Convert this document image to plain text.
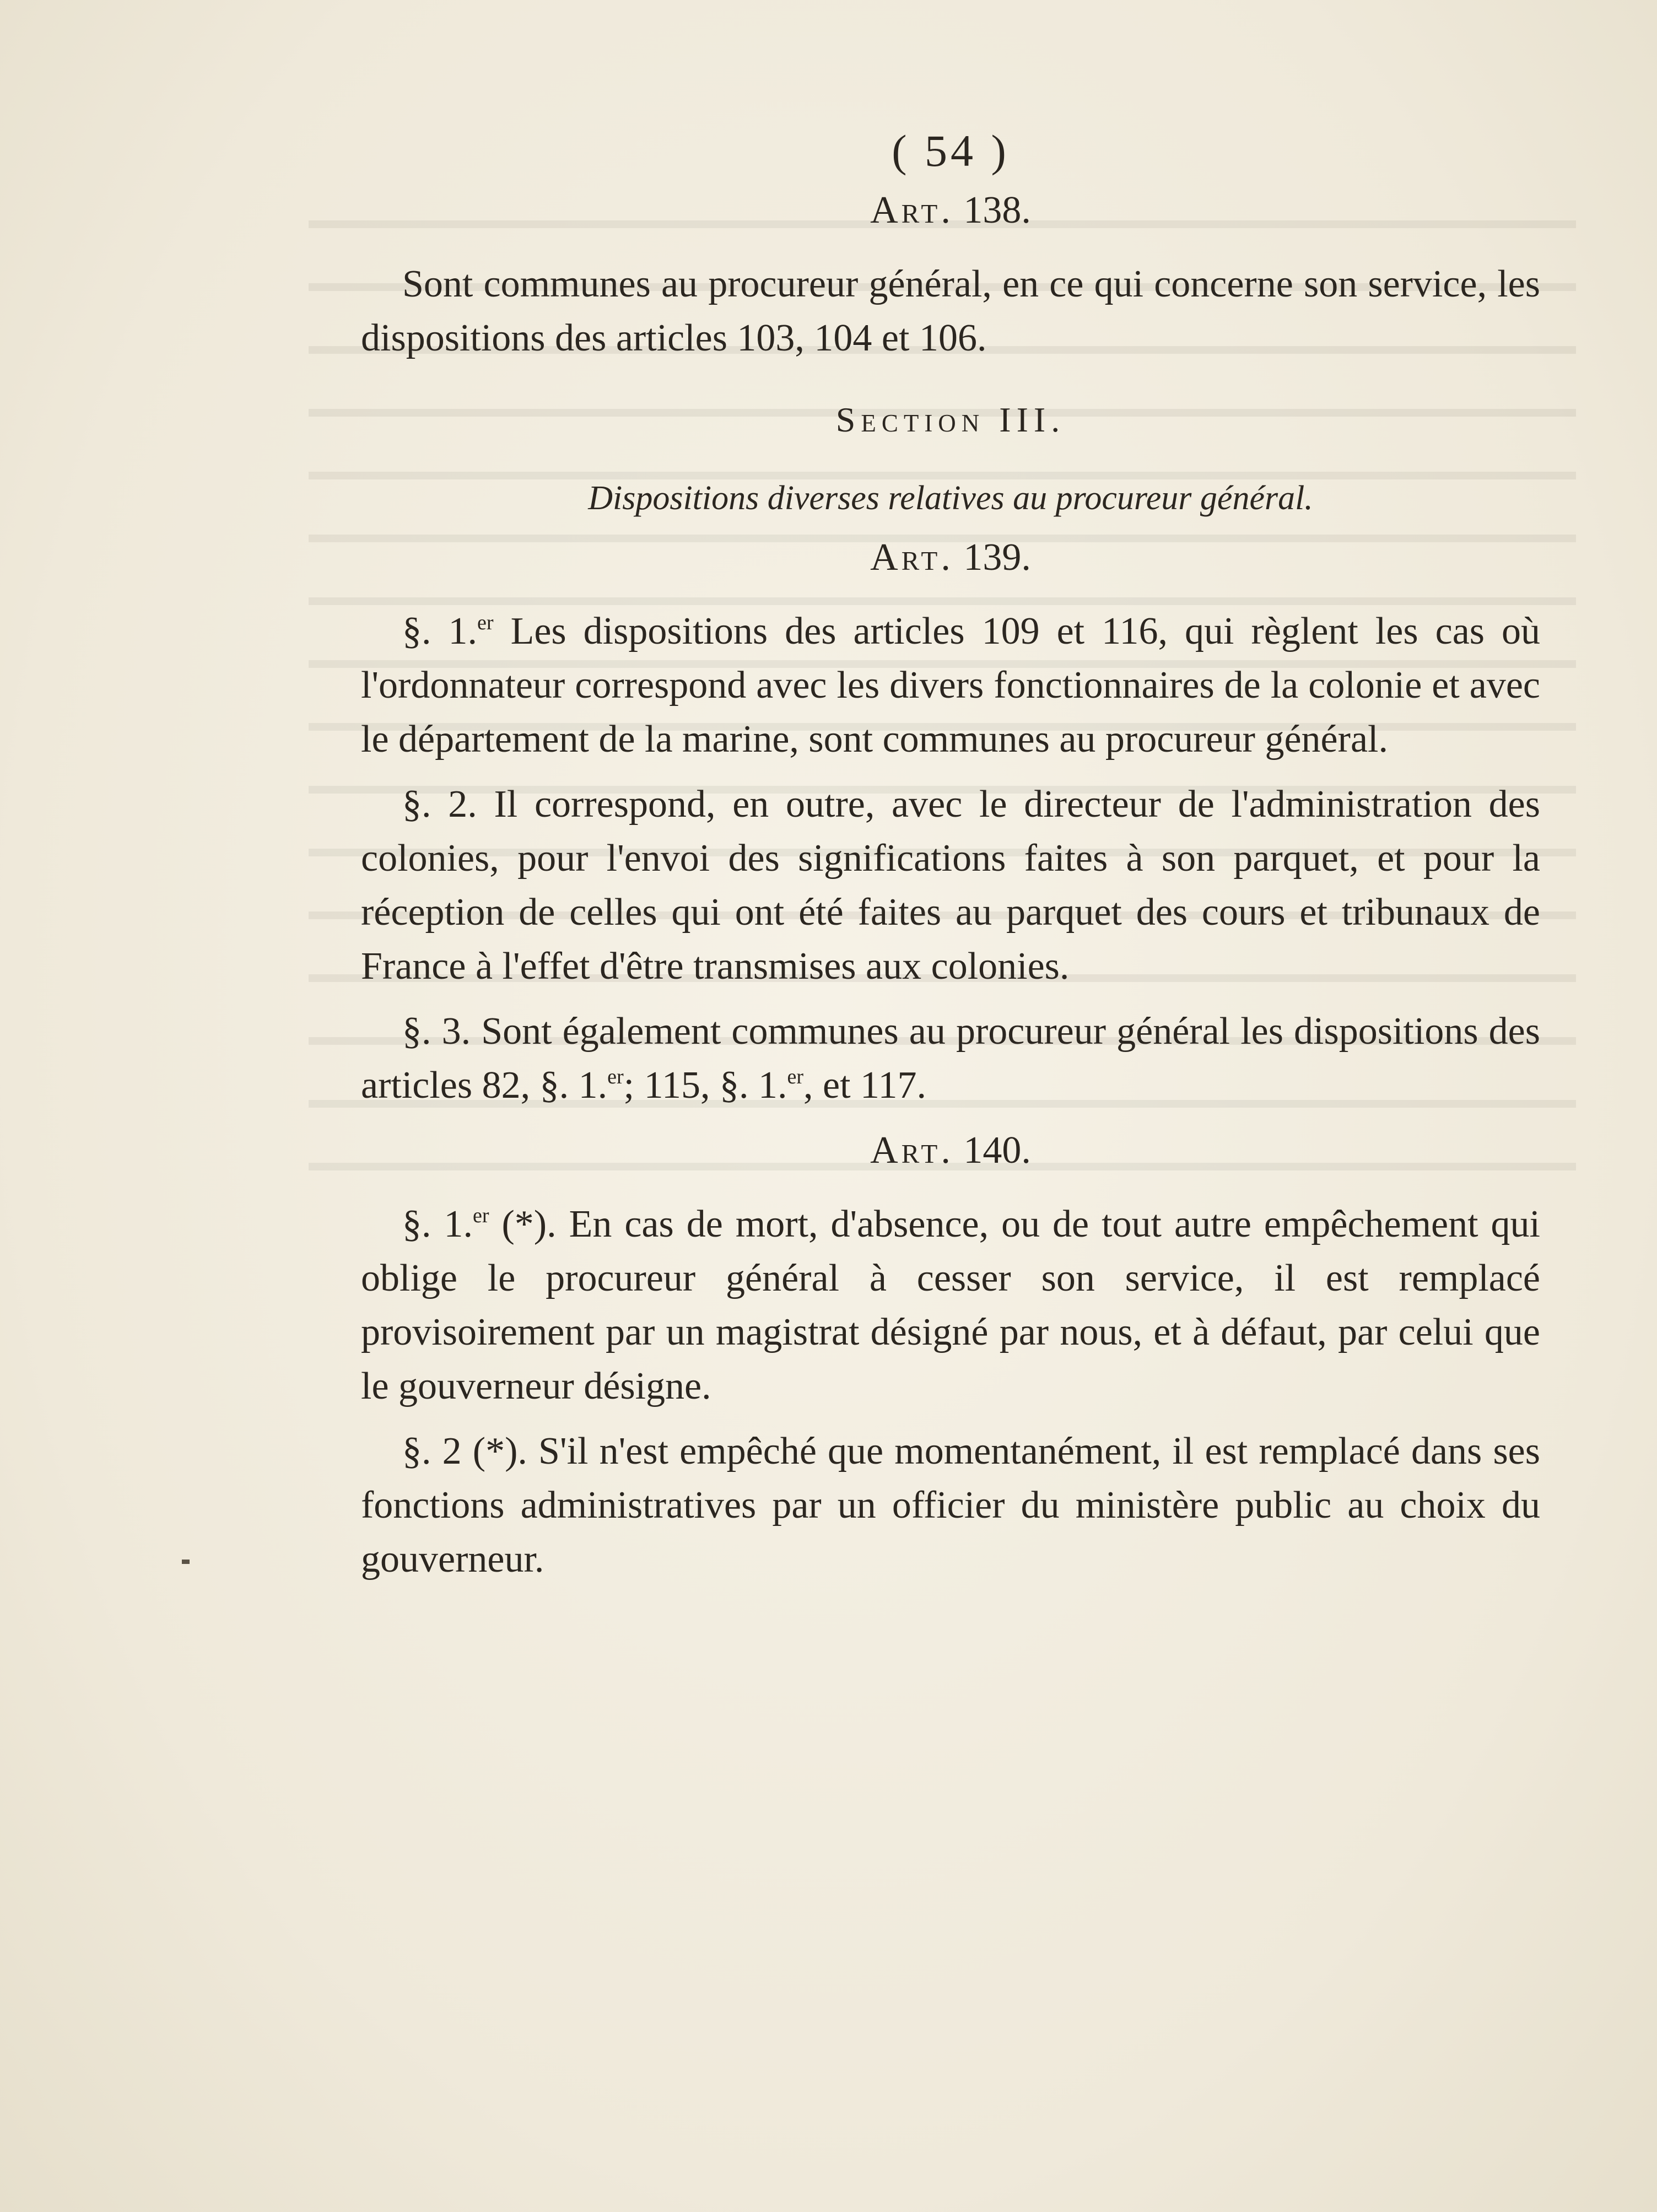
( 54 )
Art. 138.

Sont communes au procureur général, en ce qui concerne son service, les dispositions des articles 103, 104 et 106.

Section III.
Dispositions diverses relatives au procureur général.
Art. 139.

§. 1.$^{er}$ Les dispositions des articles 109 et 116, qui règlent les cas où l'ordonnateur correspond avec les divers fonctionnaires de la colonie et avec le département de la marine, sont communes au procureur général.

§. 2. Il correspond, en outre, avec le directeur de l'administration des colonies, pour l'envoi des significations faites à son parquet, et pour la réception de celles qui ont été faites au parquet des cours et tribunaux de France à l'effet d'être transmises aux colonies.

§. 3. Sont également communes au procureur général les dispositions des articles 82, §. 1.$^{er}$; 115, §. 1.$^{er}$, et 117.

Art. 140.

§. 1.$^{er}$ (*). En cas de mort, d'absence, ou de tout autre empêchement qui oblige le procureur général à cesser son service, il est remplacé provisoirement par un magistrat désigné par nous, et à défaut, par celui que le gouverneur désigne.

§. 2 (*). S'il n'est empêché que momentanément, il est remplacé dans ses fonctions administratives par un officier du ministère public au choix du gouverneur.
